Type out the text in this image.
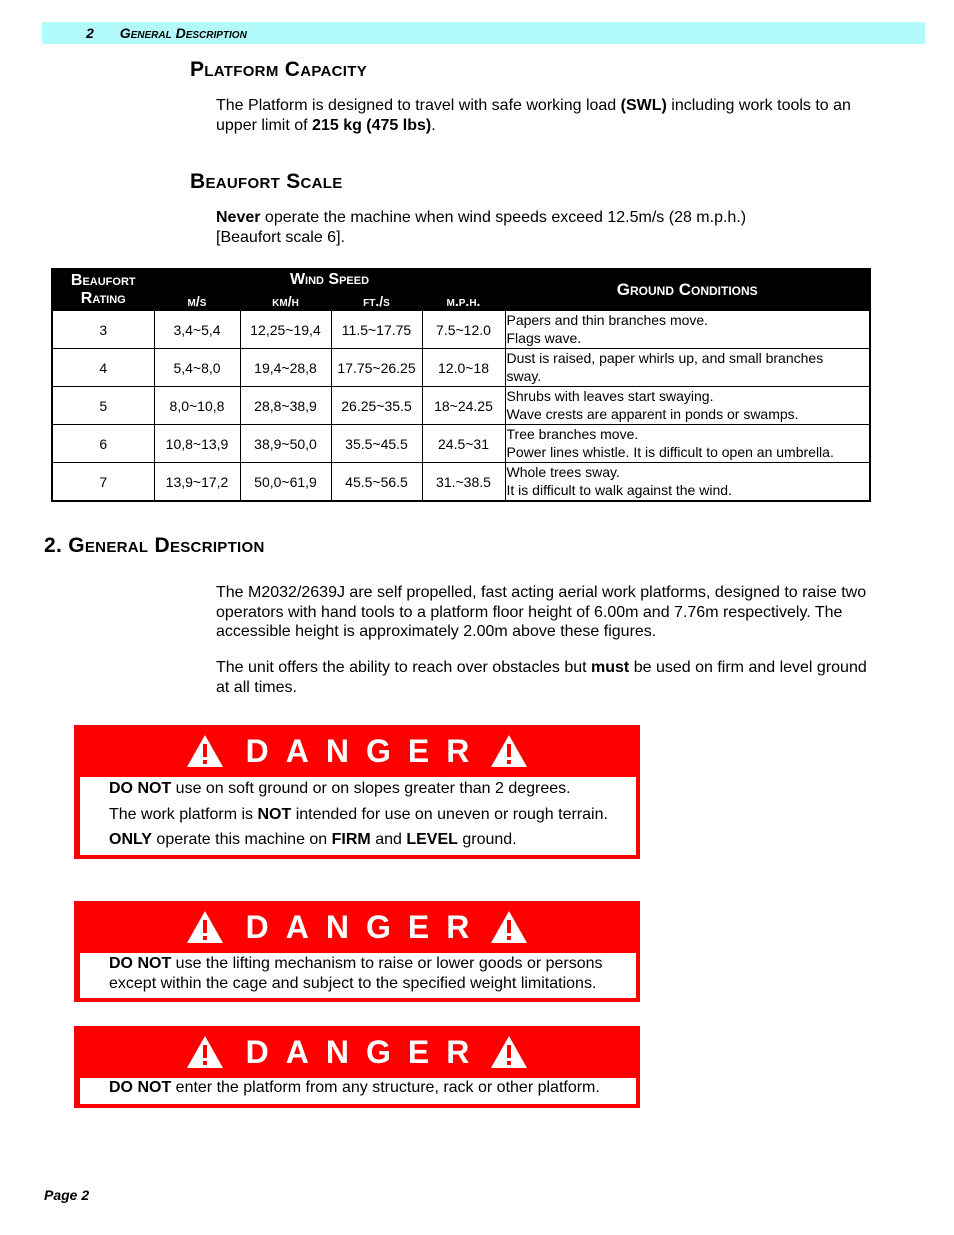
2 General Description
Platform Capacity
The Platform is designed to travel with safe working load (SWL) including work tools to an upper limit of 215 kg (475 lbs).
Beaufort Scale
Never operate the machine when wind speeds exceed 12.5m/s (28 m.p.h.)
[Beaufort scale 6].
Beaufort
Rating	Wind Speed				Ground Conditions
	m/s	km/h	ft./s	m.p.h.	
3	3,4~5,4	12,25~19,4	11.5~17.75	7.5~12.0	Papers and thin branches move.
Flags wave.
4	5,4~8,0	19,4~28,8	17.75~26.25	12.0~18	Dust is raised, paper whirls up, and small branches
sway.
5	8,0~10,8	28,8~38,9	26.25~35.5	18~24.25	Shrubs with leaves start swaying.
Wave crests are apparent in ponds or swamps.
6	10,8~13,9	38,9~50,0	35.5~45.5	24.5~31	Tree branches move.
Power lines whistle. It is difficult to open an umbrella.
7	13,9~17,2	50,0~61,9	45.5~56.5	31.~38.5	Whole trees sway.
It is difficult to walk against the wind.
2. General Description
The M2032/2639J are self propelled, fast acting aerial work platforms, designed to raise two operators with hand tools to a platform floor height of 6.00m and 7.76m respectively. The accessible height is approximately 2.00m above these figures.
The unit offers the ability to reach over obstacles but must be used on firm and level ground at all times.
DANGER

DO NOT use on soft ground or on slopes greater than 2 degrees.

The work platform is NOT intended for use on uneven or rough terrain.

ONLY operate this machine on FIRM and LEVEL ground.

DANGER

DO NOT use the lifting mechanism to raise or lower goods or persons except within the cage and subject to the specified weight limitations.

DANGER

DO NOT enter the platform from any structure, rack or other platform.

Page 2
